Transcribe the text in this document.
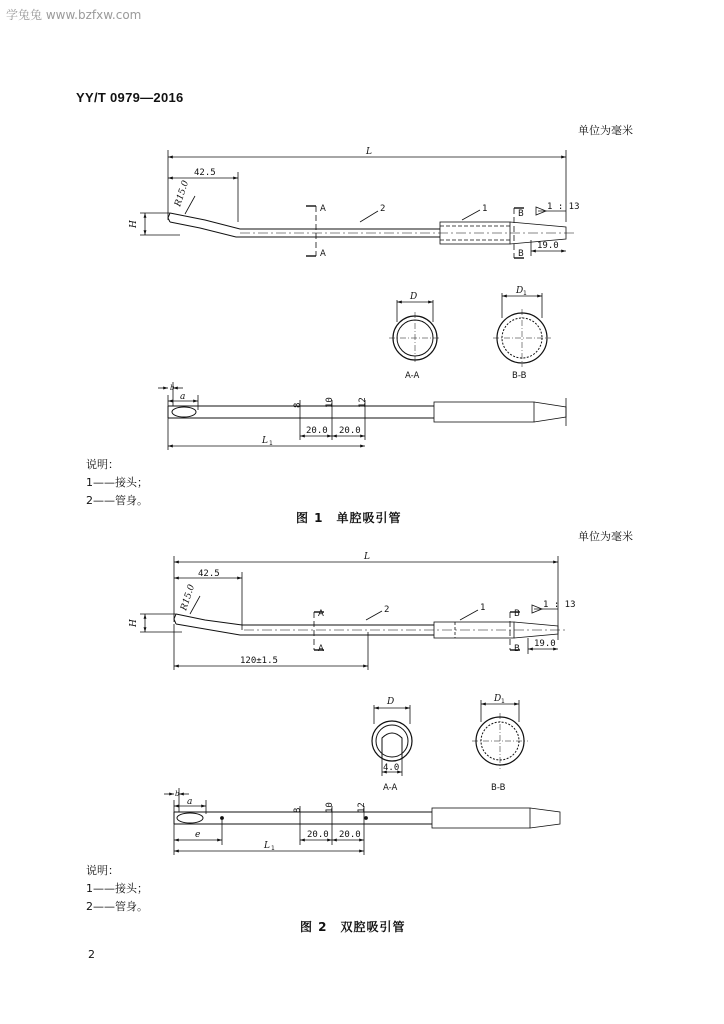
学兔兔 www.bzfxw.com
YY/T 0979—2016
单位为毫米
L
42.5
R15.0
H
A
A
B
B
2	1	1 : 13
19.0
D
D 1
A-A	B-B
b
a
8 10	12
20.0 20.0
L 1
说明：
1——接头；
2——管身。
图 1　单腔吸引管
单位为毫米
L
42.5
R15.0
H
A
A
B
B
2	1	1 : 13
19.0
120±1.5
D	D 1
4.0
A-A	B-B
b
a
e
8 10 12
20.0 20.0
L 1
说明：
1——接头；
2——管身。
图 2　双腔吸引管
2
